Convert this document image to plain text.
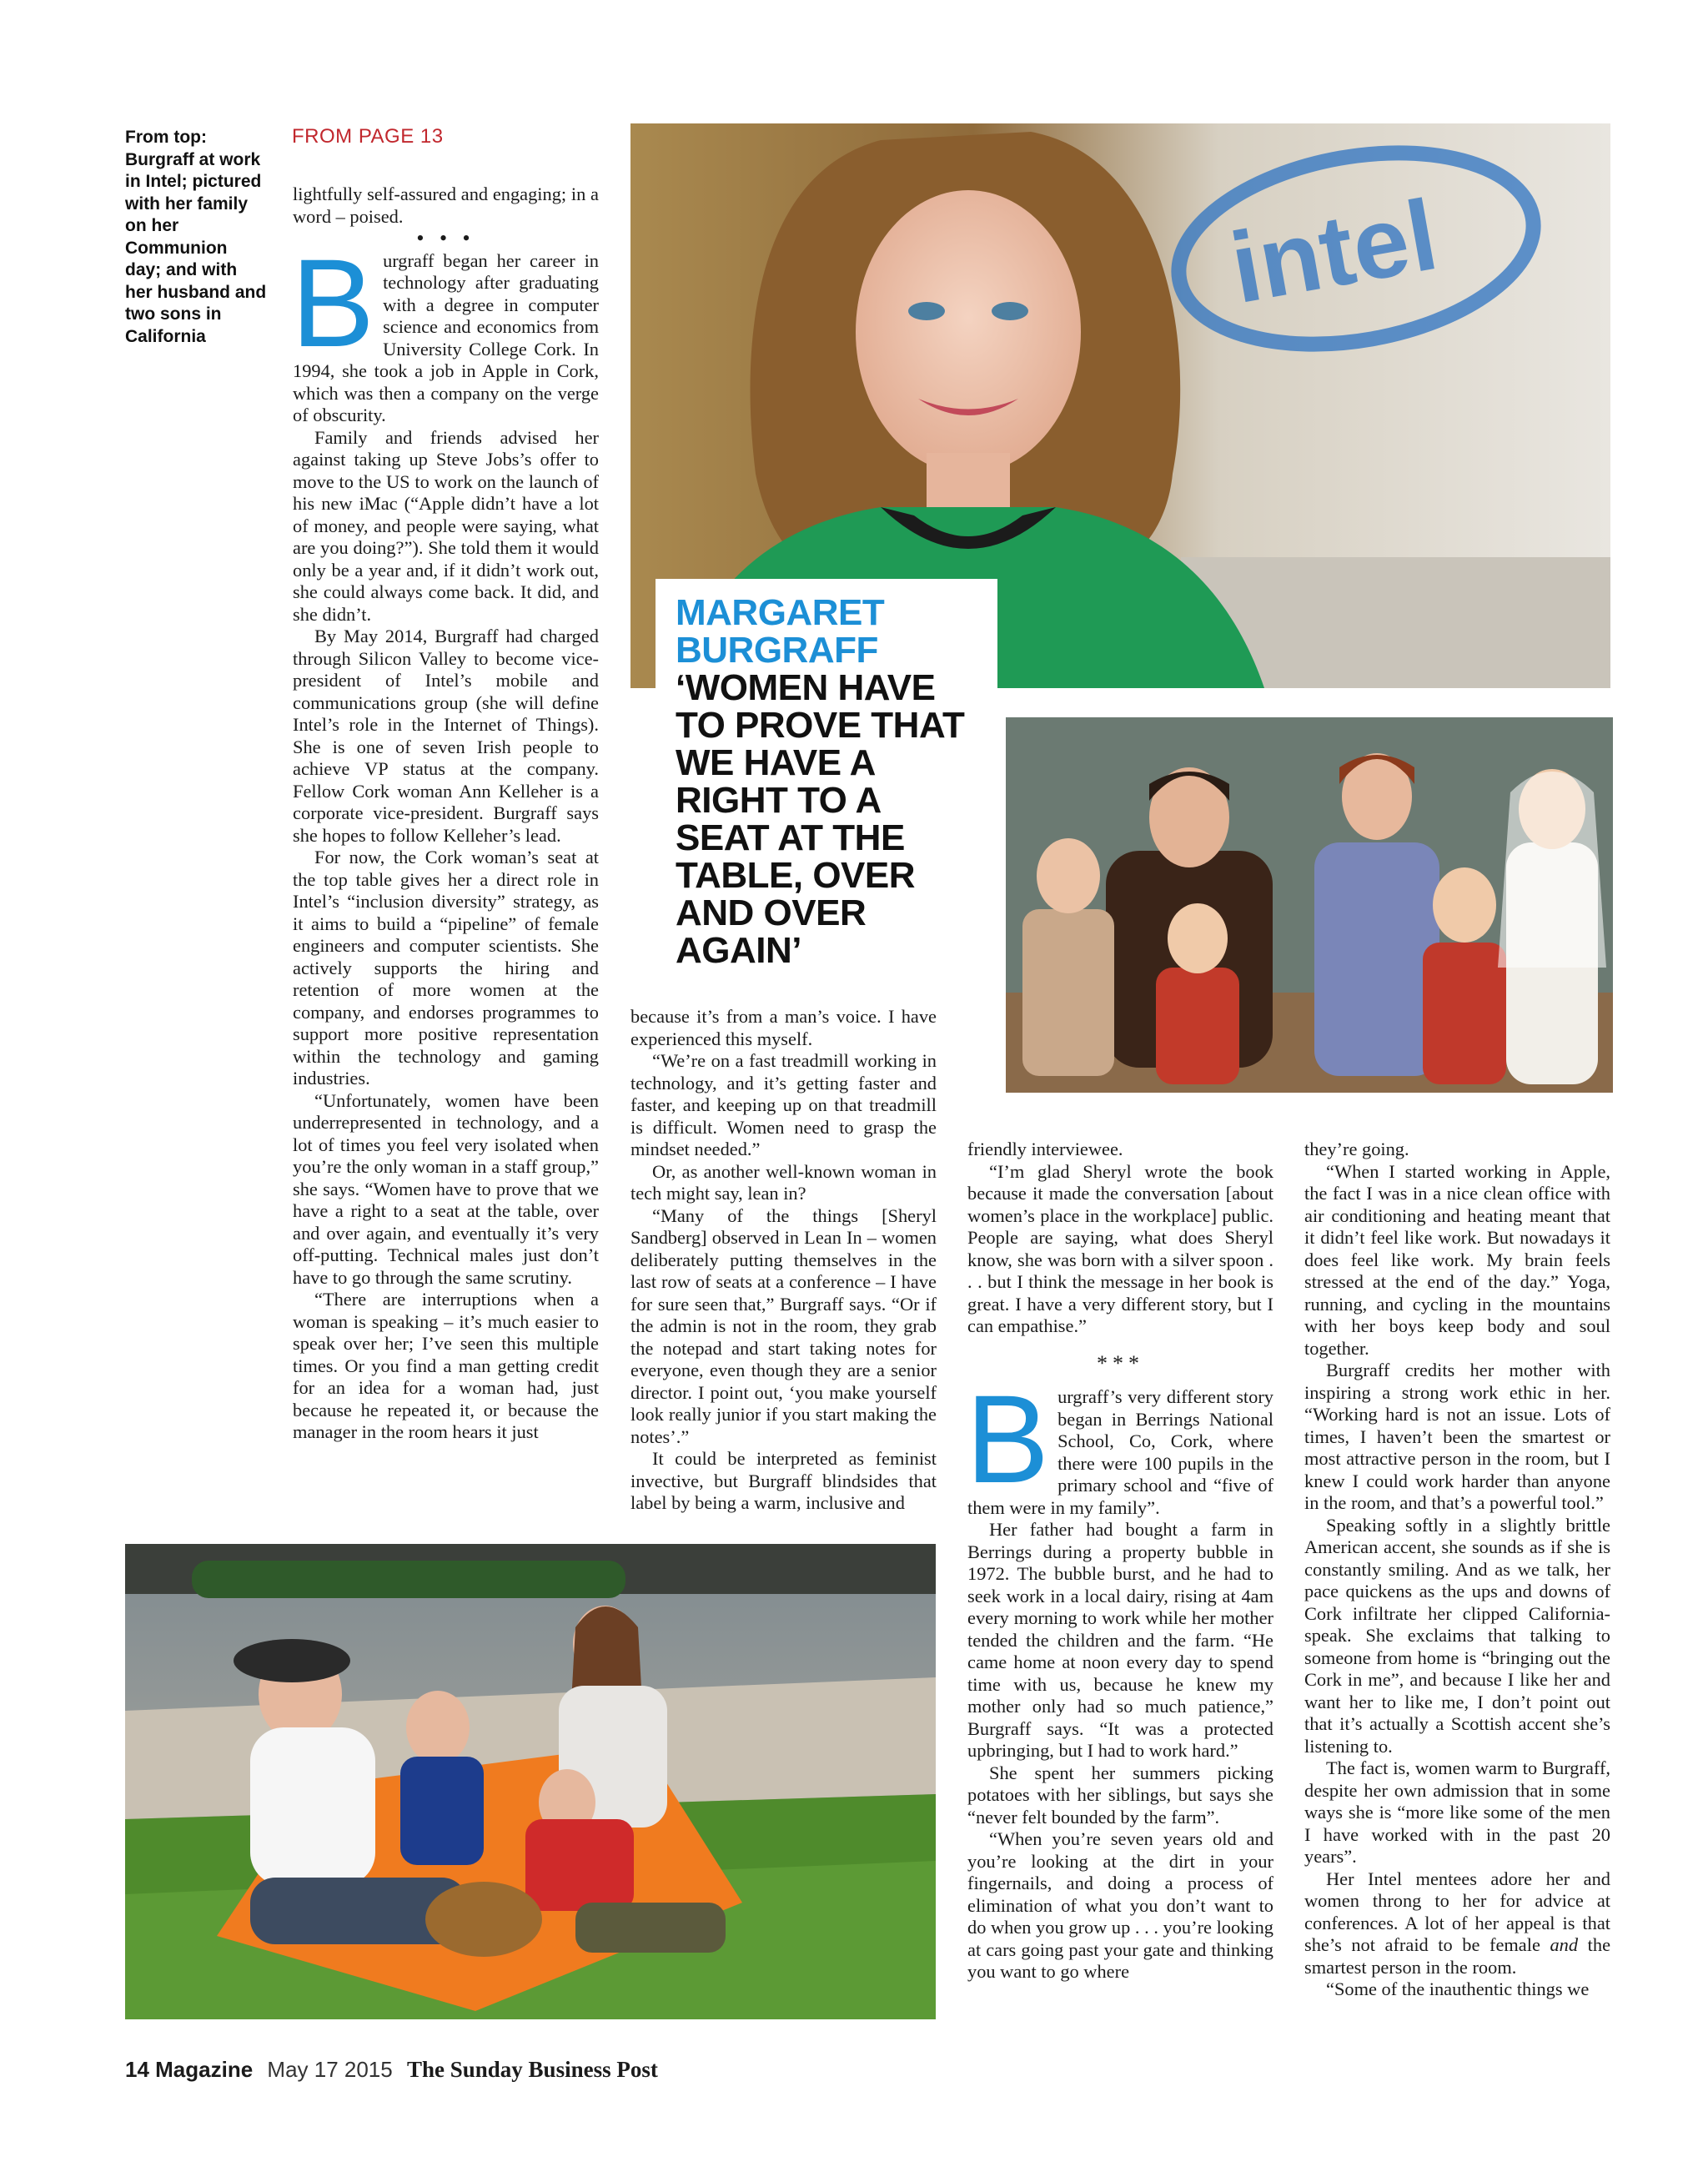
From top: Burgraff at work in Intel; pictured with her family on her Communion day; and with her husband and two sons in California
FROM PAGE 13

lightfully self-assured and engaging; in a word – poised.

• • •

Burgraff began her career in technology after graduating with a degree in computer science and economics from University College Cork. In 1994, she took a job in Apple in Cork, which was then a company on the verge of obscurity.

Family and friends advised her against taking up Steve Jobs’s offer to move to the US to work on the launch of his new iMac (“Apple didn’t have a lot of money, and people were saying, what are you doing?”). She told them it would only be a year and, if it didn’t work out, she could always come back. It did, and she didn’t.

By May 2014, Burgraff had charged through Silicon Valley to become vice-president of Intel’s mobile and communications group (she will define Intel’s role in the Internet of Things). She is one of seven Irish people to achieve VP status at the company. Fellow Cork woman Ann Kelleher is a corporate vice-president. Burgraff says she hopes to follow Kelleher’s lead.

For now, the Cork woman’s seat at the top table gives her a direct role in Intel’s “inclusion diversity” strategy, as it aims to build a “pipeline” of female engineers and computer scientists. She actively supports the hiring and retention of more women at the company, and endorses programmes to support more positive representation within the technology and gaming industries.

“Unfortunately, women have been underrepresented in technology, and a lot of times you feel very isolated when you’re the only woman in a staff group,” she says. “Women have to prove that we have a right to a seat at the table, over and over again, and eventually it’s very off-putting. Technical males just don’t have to go through the same scrutiny.

“There are interruptions when a woman is speaking – it’s much easier to speak over her; I’ve seen this multiple times. Or you find a man getting credit for an idea for a woman had, just because he repeated it, or because the manager in the room hears it just

intel
MARGARET
BURGRAFF
‘WOMEN HAVE
TO PROVE THAT
WE HAVE A
RIGHT TO A
SEAT AT THE
TABLE, OVER
AND OVER
AGAIN’

because it’s from a man’s voice. I have experienced this myself.

“We’re on a fast treadmill working in technology, and it’s getting faster and faster, and keeping up on that treadmill is difficult. Women need to grasp the mindset needed.”

Or, as another well-known woman in tech might say, lean in?

“Many of the things [Sheryl Sandberg] observed in Lean In – women deliberately putting themselves in the last row of seats at a conference – I have for sure seen that,” Burgraff says. “Or if the admin is not in the room, they grab the notepad and start taking notes for everyone, even though they are a senior director. I point out, ‘you make yourself look really junior if you start making the notes’.”

It could be interpreted as feminist invective, but Burgraff blindsides that label by being a warm, inclusive and

friendly interviewee.

“I’m glad Sheryl wrote the book because it made the conversation [about women’s place in the workplace] public. People are saying, what does Sheryl know, she was born with a silver spoon . . . but I think the message in her book is great. I have a very different story, but I can empathise.”

***

Burgraff’s very different story began in Berrings National School, Co, Cork, where there were 100 pupils in the primary school and “five of them were in my family”.

Her father had bought a farm in Berrings during a property bubble in 1972. The bubble burst, and he had to seek work in a local dairy, rising at 4am every morning to work while her mother tended the children and the farm. “He came home at noon every day to spend time with us, because he knew my mother only had so much patience,” Burgraff says. “It was a protected upbringing, but I had to work hard.”

She spent her summers picking potatoes with her siblings, but says she “never felt bounded by the farm”.

“When you’re seven years old and you’re looking at the dirt in your fingernails, and doing a process of elimination of what you don’t want to do when you grow up . . . you’re looking at cars going past your gate and thinking you want to go where

they’re going.

“When I started working in Apple, the fact I was in a nice clean office with air conditioning and heating meant that it didn’t feel like work. But nowadays it does feel like work. My brain feels stressed at the end of the day.” Yoga, running, and cycling in the mountains with her boys keep body and soul together.

Burgraff credits her mother with inspiring a strong work ethic in her. “Working hard is not an issue. Lots of times, I haven’t been the smartest or most attractive person in the room, but I knew I could work harder than anyone in the room, and that’s a powerful tool.”

Speaking softly in a slightly brittle American accent, she sounds as if she is constantly smiling. And as we talk, her pace quickens as the ups and downs of Cork infiltrate her clipped California-speak. She exclaims that talking to someone from home is “bringing out the Cork in me”, and because I like her and want her to like me, I don’t point out that it’s actually a Scottish accent she’s listening to.

The fact is, women warm to Burgraff, despite her own admission that in some ways she is “more like some of the men I have worked with in the past 20 years”.

Her Intel mentees adore her and women throng to her for advice at conferences. A lot of her appeal is that she’s not afraid to be female and the smartest person in the room.

“Some of the inauthentic things we

14 Magazine May 17 2015 The Sunday Business Post
